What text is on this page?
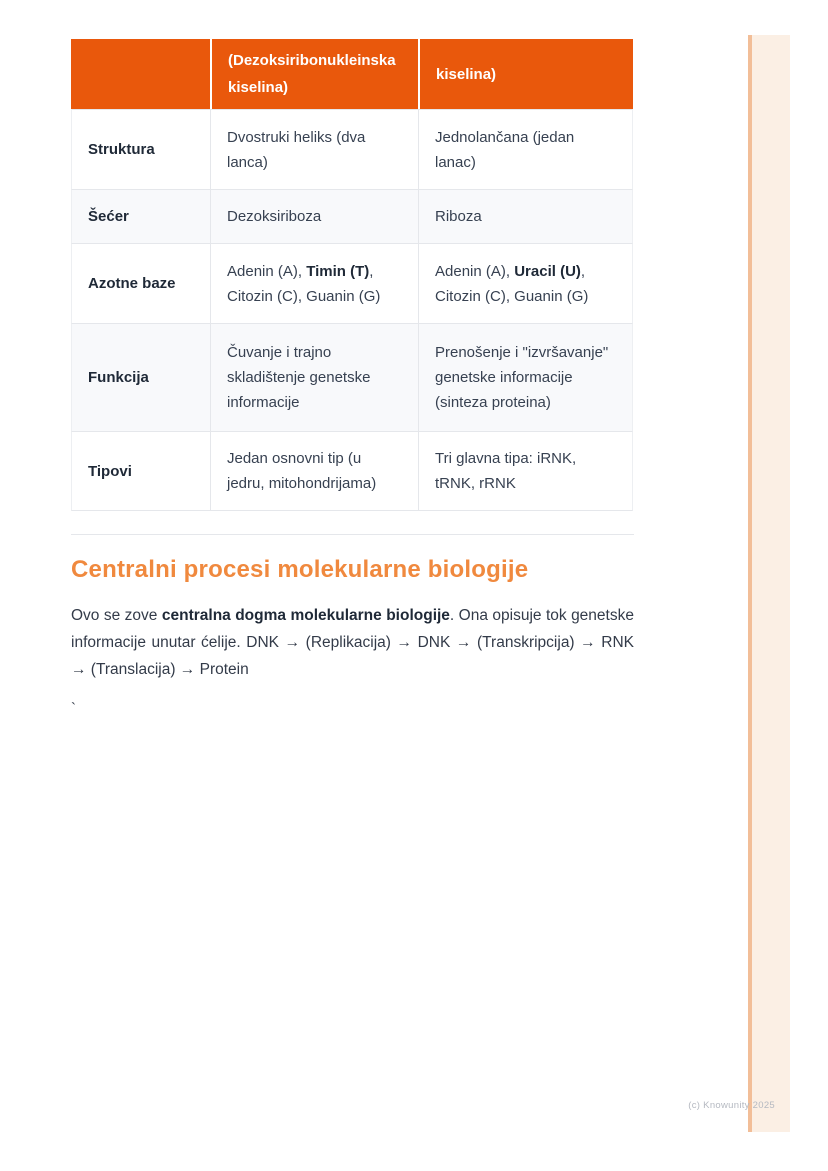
	(Dezoksiribonukleinska kiselina)	kiselina)
Struktura	Dvostruki heliks (dva lanca)	Jednolančana (jedan lanac)
Šećer	Dezoksiriboza	Riboza
Azotne baze	Adenin (A), Timin (T), Citozin (C), Guanin (G)	Adenin (A), Uracil (U), Citozin (C), Guanin (G)
Funkcija	Čuvanje i trajno skladištenje genetske informacije	Prenošenje i "izvršavanje" genetske informacije (sinteza proteina)
Tipovi	Jedan osnovni tip (u jedru, mitohondrijama)	Tri glavna tipa: iRNK, tRNK, rRNK
Centralni procesi molekularne biologije

Ovo se zove centralna dogma molekularne biologije. Ona opisuje tok genetske informacije unutar ćelije. DNK → (Replikacija) → DNK → (Transkripcija) → RNK → (Translacija) → Protein

`
(c) Knowunity 2025
